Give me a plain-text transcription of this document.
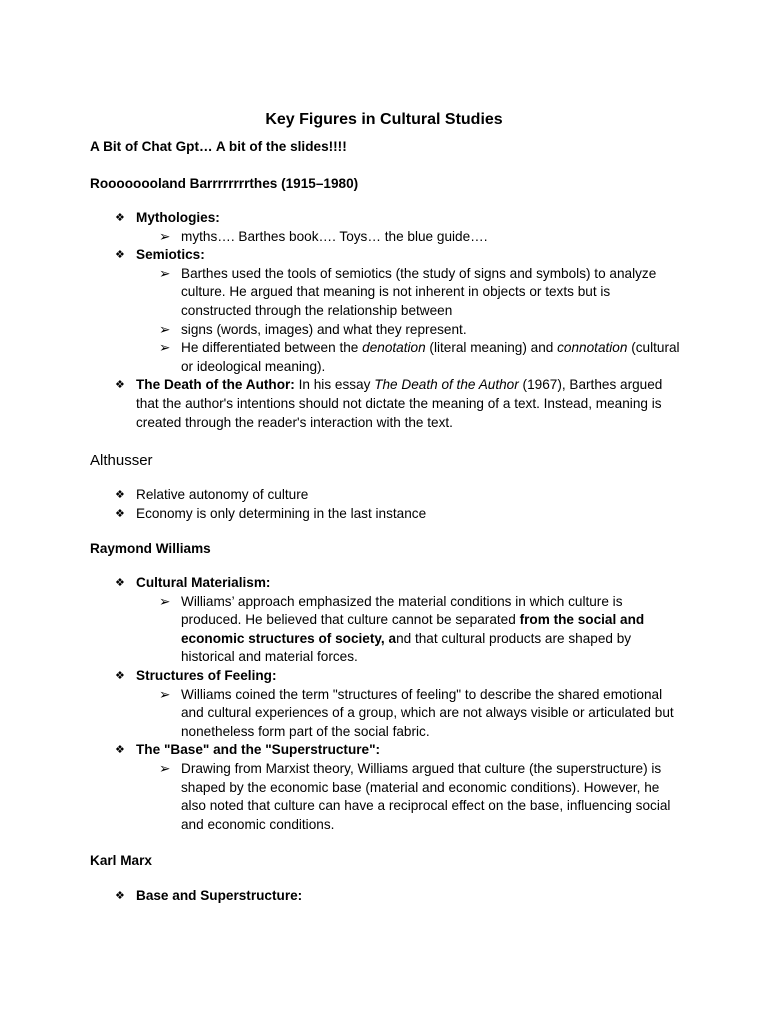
Key Figures in Cultural Studies
A Bit of Chat Gpt… A bit of the slides!!!!
Roooooooland Barrrrrrrrthes (1915–1980)
❖ Mythologies:
➢ myths…. Barthes book…. Toys… the blue guide….
❖ Semiotics:
➢ Barthes used the tools of semiotics (the study of signs and symbols) to analyze culture. He argued that meaning is not inherent in objects or texts but is constructed through the relationship between
➢ signs (words, images) and what they represent.
➢ He differentiated between the denotation (literal meaning) and connotation (cultural or ideological meaning).
❖ The Death of the Author: In his essay The Death of the Author (1967), Barthes argued that the author's intentions should not dictate the meaning of a text. Instead, meaning is created through the reader's interaction with the text.
Althusser
❖ Relative autonomy of culture
❖ Economy is only determining in the last instance
Raymond Williams
❖ Cultural Materialism:
➢ Williams’ approach emphasized the material conditions in which culture is produced. He believed that culture cannot be separated from the social and economic structures of society, and that cultural products are shaped by historical and material forces.
❖ Structures of Feeling:
➢ Williams coined the term "structures of feeling" to describe the shared emotional and cultural experiences of a group, which are not always visible or articulated but nonetheless form part of the social fabric.
❖ The "Base" and the "Superstructure":
➢ Drawing from Marxist theory, Williams argued that culture (the superstructure) is shaped by the economic base (material and economic conditions). However, he also noted that culture can have a reciprocal effect on the base, influencing social and economic conditions.
Karl Marx
❖ Base and Superstructure:
